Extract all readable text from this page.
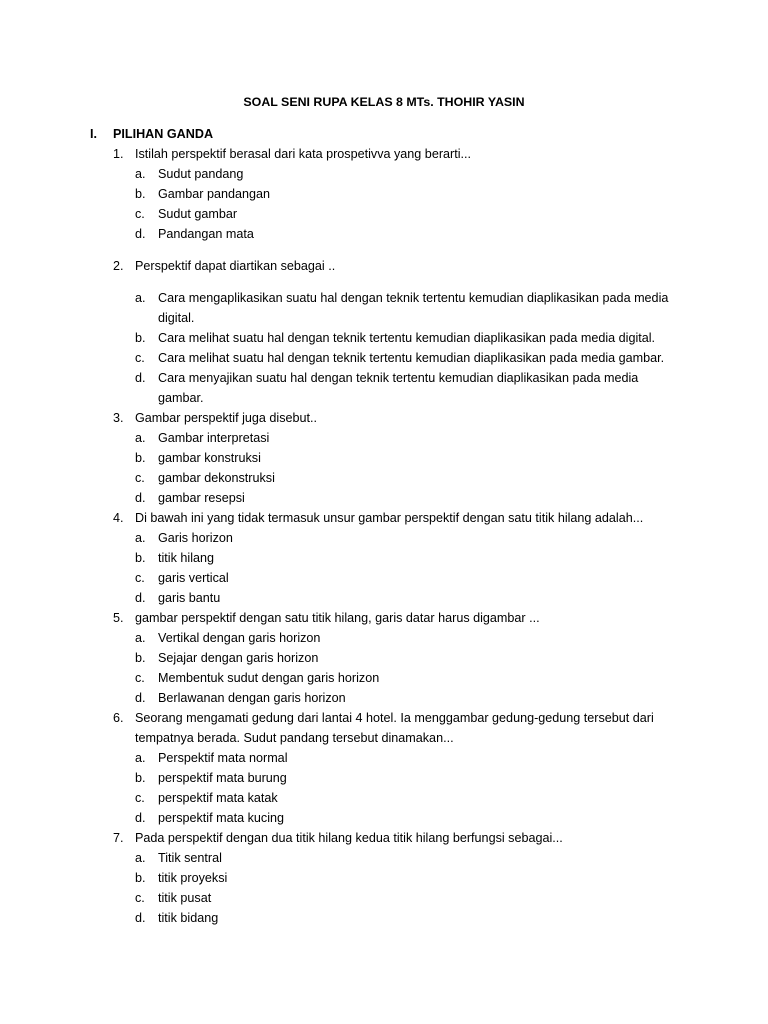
SOAL SENI RUPA KELAS 8 MTs. THOHIR YASIN
I. PILIHAN GANDA
1. Istilah perspektif berasal dari kata prospetivva yang berarti...
a. Sudut pandang
b. Gambar pandangan
c. Sudut gambar
d. Pandangan mata
2. Perspektif dapat diartikan sebagai ..
a. Cara mengaplikasikan suatu hal dengan teknik tertentu kemudian diaplikasikan pada media digital.
b. Cara melihat suatu hal dengan teknik tertentu kemudian diaplikasikan pada media digital.
c. Cara melihat suatu hal dengan teknik tertentu kemudian diaplikasikan pada media gambar.
d. Cara menyajikan suatu hal dengan teknik tertentu kemudian diaplikasikan pada media gambar.
3. Gambar perspektif juga disebut..
a. Gambar interpretasi
b. gambar konstruksi
c. gambar dekonstruksi
d. gambar resepsi
4. Di bawah ini yang tidak termasuk unsur gambar perspektif dengan satu titik hilang adalah...
a. Garis horizon
b. titik hilang
c. garis vertical
d. garis bantu
5. gambar perspektif dengan satu titik hilang, garis datar harus digambar ...
a. Vertikal dengan garis horizon
b. Sejajar dengan garis horizon
c. Membentuk sudut dengan garis horizon
d. Berlawanan dengan garis horizon
6. Seorang mengamati gedung dari lantai 4 hotel. Ia menggambar gedung-gedung tersebut dari tempatnya berada. Sudut pandang tersebut dinamakan...
a. Perspektif mata normal
b. perspektif mata burung
c. perspektif mata katak
d. perspektif mata kucing
7. Pada perspektif dengan dua titik hilang kedua titik hilang berfungsi sebagai...
a. Titik sentral
b. titik proyeksi
c. titik pusat
d. titik bidang
